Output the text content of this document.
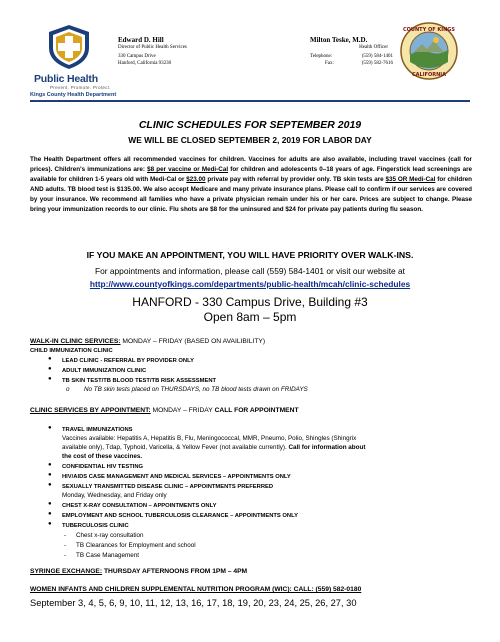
Public Health
Prevent. Promote. Protect.
Kings County Health Department
Edward D. Hill
Director of Public Health Services
330 Campus Drive
Hanford, California 93230
Milton Teske, M.D.
Health Officer
Telephone:
Fax:
(559) 584-1401
(559) 582-7616
COUNTY OF KINGS
CALIFORNIA
CLINIC SCHEDULES FOR SEPTEMBER 2019
WE WILL BE CLOSED SEPTEMBER 2, 2019 FOR LABOR DAY
The Health Department offers all recommended vaccines for children. Vaccines for adults are also available, including travel vaccines (call for prices). Children's immunizations are: $8 per vaccine or Medi-Cal for children and adolescents 0–18 years of age. Fingerstick lead screenings are available for children 1-5 years old with Medi-Cal or $23.00 private pay with referral by provider only. TB skin tests are $35 OR Medi-Cal for children AND adults. TB blood test is $135.00. We also accept Medicare and many private insurance plans. Please call to confirm if our services are covered by your insurance. We recommend all families who have a private physician remain under his or her care. Prices are subject to change. Please bring your immunization records to our clinic. Flu shots are $8 for the uninsured and $24 for private pay patients during flu season.
IF YOU MAKE AN APPOINTMENT, YOU WILL HAVE PRIORITY OVER WALK-INS.
For appointments and information, please call (559) 584-1401 or visit our website at
http://www.countyofkings.com/departments/public-health/mcah/clinic-schedules
HANFORD - 330 Campus Drive, Building #3
Open 8am – 5pm
WALK-IN CLINIC SERVICES: MONDAY – FRIDAY (BASED ON AVAILIBILITY)
CHILD IMMUNIZATION CLINIC
● LEAD CLINIC - REFERRAL BY PROVIDER ONLY
● ADULT IMMUNIZATION CLINIC
● TB SKIN TEST/TB BLOOD TEST/TB RISK ASSESSMENT
o No TB skin tests placed on THURSDAYS, no TB blood tests drawn on FRIDAYS
CLINIC SERVICES BY APPOINTMENT: MONDAY – FRIDAY CALL FOR APPOINTMENT
● TRAVEL IMMUNIZATIONS
Vaccines available: Hepatitis A, Hepatitis B, Flu, Meningococcal, MMR, Pneumo, Polio, Shingles (Shingrix
available only), Tdap, Typhoid, Varicella, & Yellow Fever (not available currently). Call for information about
the cost of these vaccines.
● CONFIDENTIAL HIV TESTING
● HIV/AIDS CASE MANAGEMENT AND MEDICAL SERVICES – APPOINTMENTS ONLY
● SEXUALLY TRANSMITTED DISEASE CLINIC – APPOINTMENTS PREFERRED
Monday, Wednesday, and Friday only
● CHEST X-RAY CONSULTATION – APPOINTMENTS ONLY
● EMPLOYMENT AND SCHOOL TUBERCULOSIS CLEARANCE – APPOINTMENTS ONLY
● TUBERCULOSIS CLINIC
- Chest x-ray consultation
- TB Clearances for Employment and school
- TB Case Management
SYRINGE EXCHANGE: THURSDAY AFTERNOONS FROM 1PM – 4PM
WOMEN INFANTS AND CHILDREN SUPPLEMENTAL NUTRITION PROGRAM (WIC): CALL: (559) 582-0180
September 3, 4, 5, 6, 9, 10, 11, 12, 13, 16, 17, 18, 19, 20, 23, 24, 25, 26, 27, 30
